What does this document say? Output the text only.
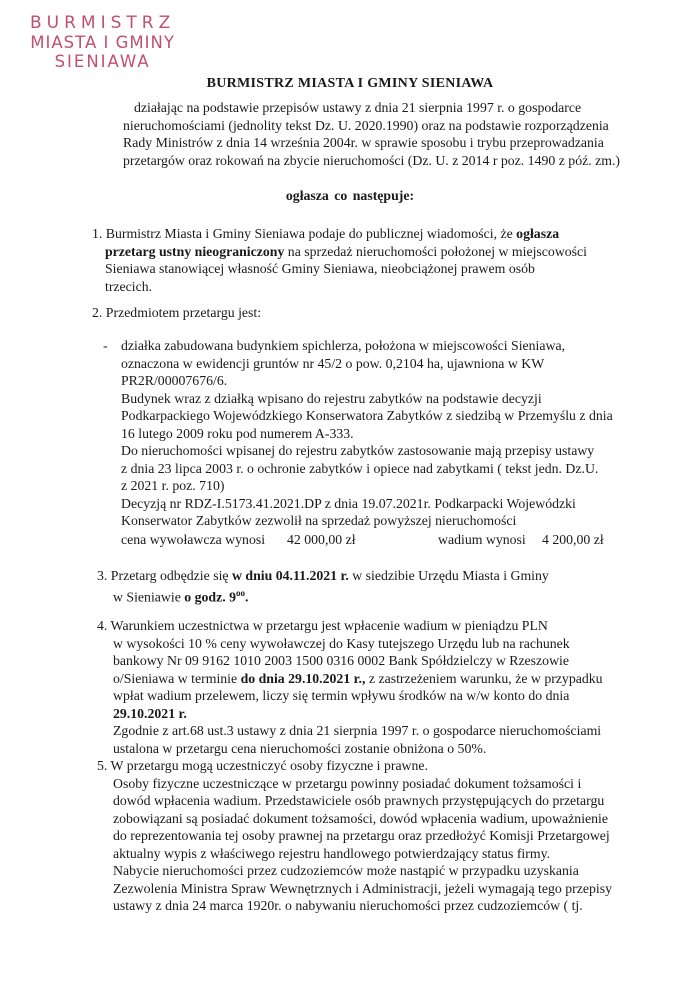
BURMISTRZ
MIASTA I GMINY
SIENIAWA
BURMISTRZ MIASTA I GMINY SIENIAWA
działając na podstawie przepisów ustawy z dnia 21 sierpnia 1997 r. o gospodarce
nieruchomościami (jednolity tekst Dz. U. 2020.1990) oraz na podstawie rozporządzenia
Rady Ministrów z dnia 14 września 2004r. w sprawie sposobu i trybu przeprowadzania
przetargów oraz rokowań na zbycie nieruchomości (Dz. U. z 2014 r poz. 1490 z póź. zm.)
ogłasza co następuje:
1. Burmistrz Miasta i Gminy Sieniawa podaje do publicznej wiadomości, że ogłasza
przetarg ustny nieograniczony na sprzedaż nieruchomości położonej w miejscowości
Sieniawa stanowiącej własność Gminy Sieniawa, nieobciążonej prawem osób
trzecich.
2. Przedmiotem przetargu jest:
- działka zabudowana budynkiem spichlerza, położona w miejscowości Sieniawa,
oznaczona w ewidencji gruntów nr 45/2 o pow. 0,2104 ha, ujawniona w KW
PR2R/00007676/6.
Budynek wraz z działką wpisano do rejestru zabytków na podstawie decyzji
Podkarpackiego Wojewódzkiego Konserwatora Zabytków z siedzibą w Przemyślu z dnia
16 lutego 2009 roku pod numerem A-333.
Do nieruchomości wpisanej do rejestru zabytków zastosowanie mają przepisy ustawy
z dnia 23 lipca 2003 r. o ochronie zabytków i opiece nad zabytkami ( tekst jedn. Dz.U.
z 2021 r. poz. 710)
Decyzją nr RDZ-I.5173.41.2021.DP z dnia 19.07.2021r. Podkarpacki Wojewódzki
Konserwator Zabytków zezwolił na sprzedaż powyższej nieruchomości
cena wywoławcza wynosi 42 000,00 zł	wadium wynosi 4 200,00 zł
3. Przetarg odbędzie się w dniu 04.11.2021 r. w siedzibie Urzędu Miasta i Gminy
w Sieniawie o godz. $9^{oo}$.
4. Warunkiem uczestnictwa w przetargu jest wpłacenie wadium w pieniądzu PLN
w wysokości 10 % ceny wywoławczej do Kasy tutejszego Urzędu lub na rachunek
bankowy Nr 09 9162 1010 2003 1500 0316 0002 Bank Spółdzielczy w Rzeszowie
o/Sieniawa w terminie do dnia 29.10.2021 r., z zastrzeżeniem warunku, że w przypadku
wpłat wadium przelewem, liczy się termin wpływu środków na w/w konto do dnia
29.10.2021 r.
Zgodnie z art.68 ust.3 ustawy z dnia 21 sierpnia 1997 r. o gospodarce nieruchomościami
ustalona w przetargu cena nieruchomości zostanie obniżona o 50%.
5. W przetargu mogą uczestniczyć osoby fizyczne i prawne.
Osoby fizyczne uczestniczące w przetargu powinny posiadać dokument tożsamości i
dowód wpłacenia wadium. Przedstawiciele osób prawnych przystępujących do przetargu
zobowiązani są posiadać dokument tożsamości, dowód wpłacenia wadium, upoważnienie
do reprezentowania tej osoby prawnej na przetargu oraz przedłożyć Komisji Przetargowej
aktualny wypis z właściwego rejestru handlowego potwierdzający status firmy.
Nabycie nieruchomości przez cudzoziemców może nastąpić w przypadku uzyskania
Zezwolenia Ministra Spraw Wewnętrznych i Administracji, jeżeli wymagają tego przepisy
ustawy z dnia 24 marca 1920r. o nabywaniu nieruchomości przez cudzoziemców ( tj.
